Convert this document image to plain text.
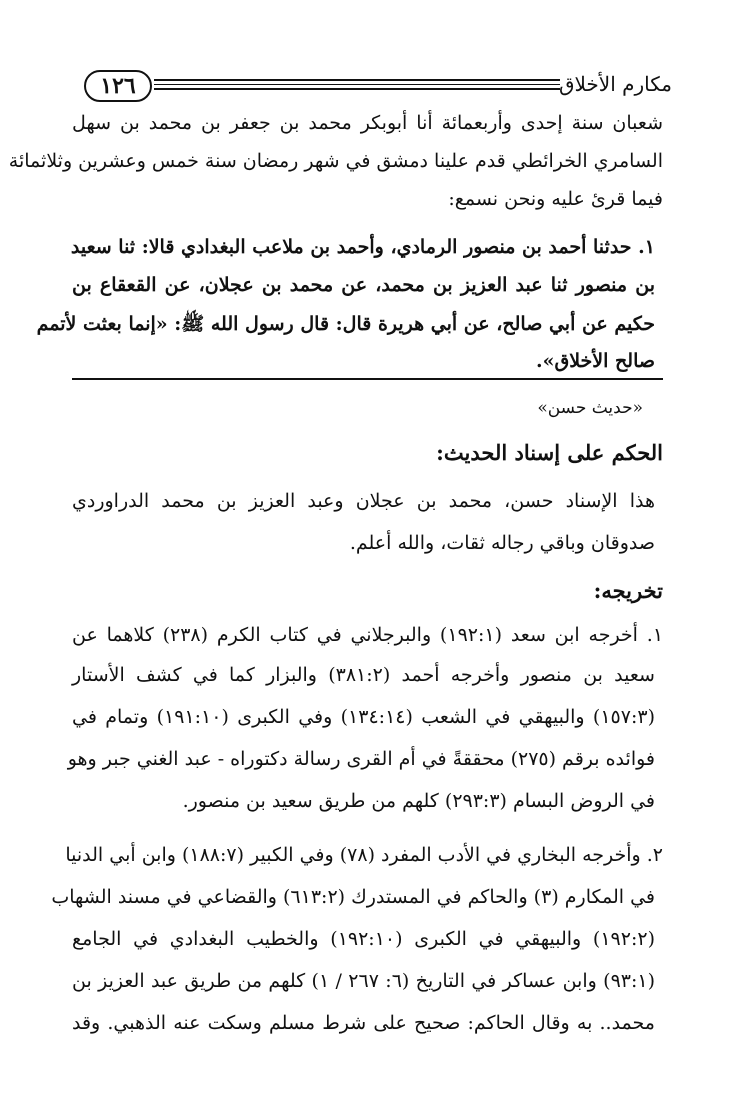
١٢٦	مكارم الأخلاق
شعبان سنة إحدى وأربعمائة أنا أبوبكر محمد بن جعفر بن محمد بن سهل
السامري الخرائطي قدم علينا دمشق في شهر رمضان سنة خمس وعشرين وثلاثمائة
فيما قرئ عليه ونحن نسمع:
١. حدثنا أحمد بن منصور الرمادي، وأحمد بن ملاعب البغدادي قالا: ثنا سعيد
بن منصور ثنا عبد العزيز بن محمد، عن محمد بن عجلان، عن القعقاع بن
حكيم عن أبي صالح، عن أبي هريرة قال: قال رسول الله ﷺ: «إنما بعثت لأتمم
صالح الأخلاق».
«حديث حسن»
الحكم على إسناد الحديث:
هذا الإسناد حسن، محمد بن عجلان وعبد العزيز بن محمد الدراوردي
صدوقان وباقي رجاله ثقات، والله أعلم.
تخريجه:
١. أخرجه ابن سعد (١٩٢:١) والبرجلاني في كتاب الكرم (٢٣٨) كلاهما عن
سعيد بن منصور وأخرجه أحمد (٣٨١:٢) والبزار كما في كشف الأستار
(١٥٧:٣) والبيهقي في الشعب (١٣٤:١٤) وفي الكبرى (١٩١:١٠) وتمام في
فوائده برقم (٢٧٥) محققةً في أم القرى رسالة دكتوراه - عبد الغني جبر وهو
في الروض البسام (٢٩٣:٣) كلهم من طريق سعيد بن منصور.
٢. وأخرجه البخاري في الأدب المفرد (٧٨) وفي الكبير (١٨٨:٧) وابن أبي الدنيا
في المكارم (٣) والحاكم في المستدرك (٦١٣:٢) والقضاعي في مسند الشهاب
(١٩٢:٢) والبيهقي في الكبرى (١٩٢:١٠) والخطيب البغدادي في الجامع
(٩٣:١) وابن عساكر في التاريخ (٦: ٢٦٧ / ١) كلهم من طريق عبد العزيز بن
محمد.. به وقال الحاكم: صحيح على شرط مسلم وسكت عنه الذهبي. وقد
